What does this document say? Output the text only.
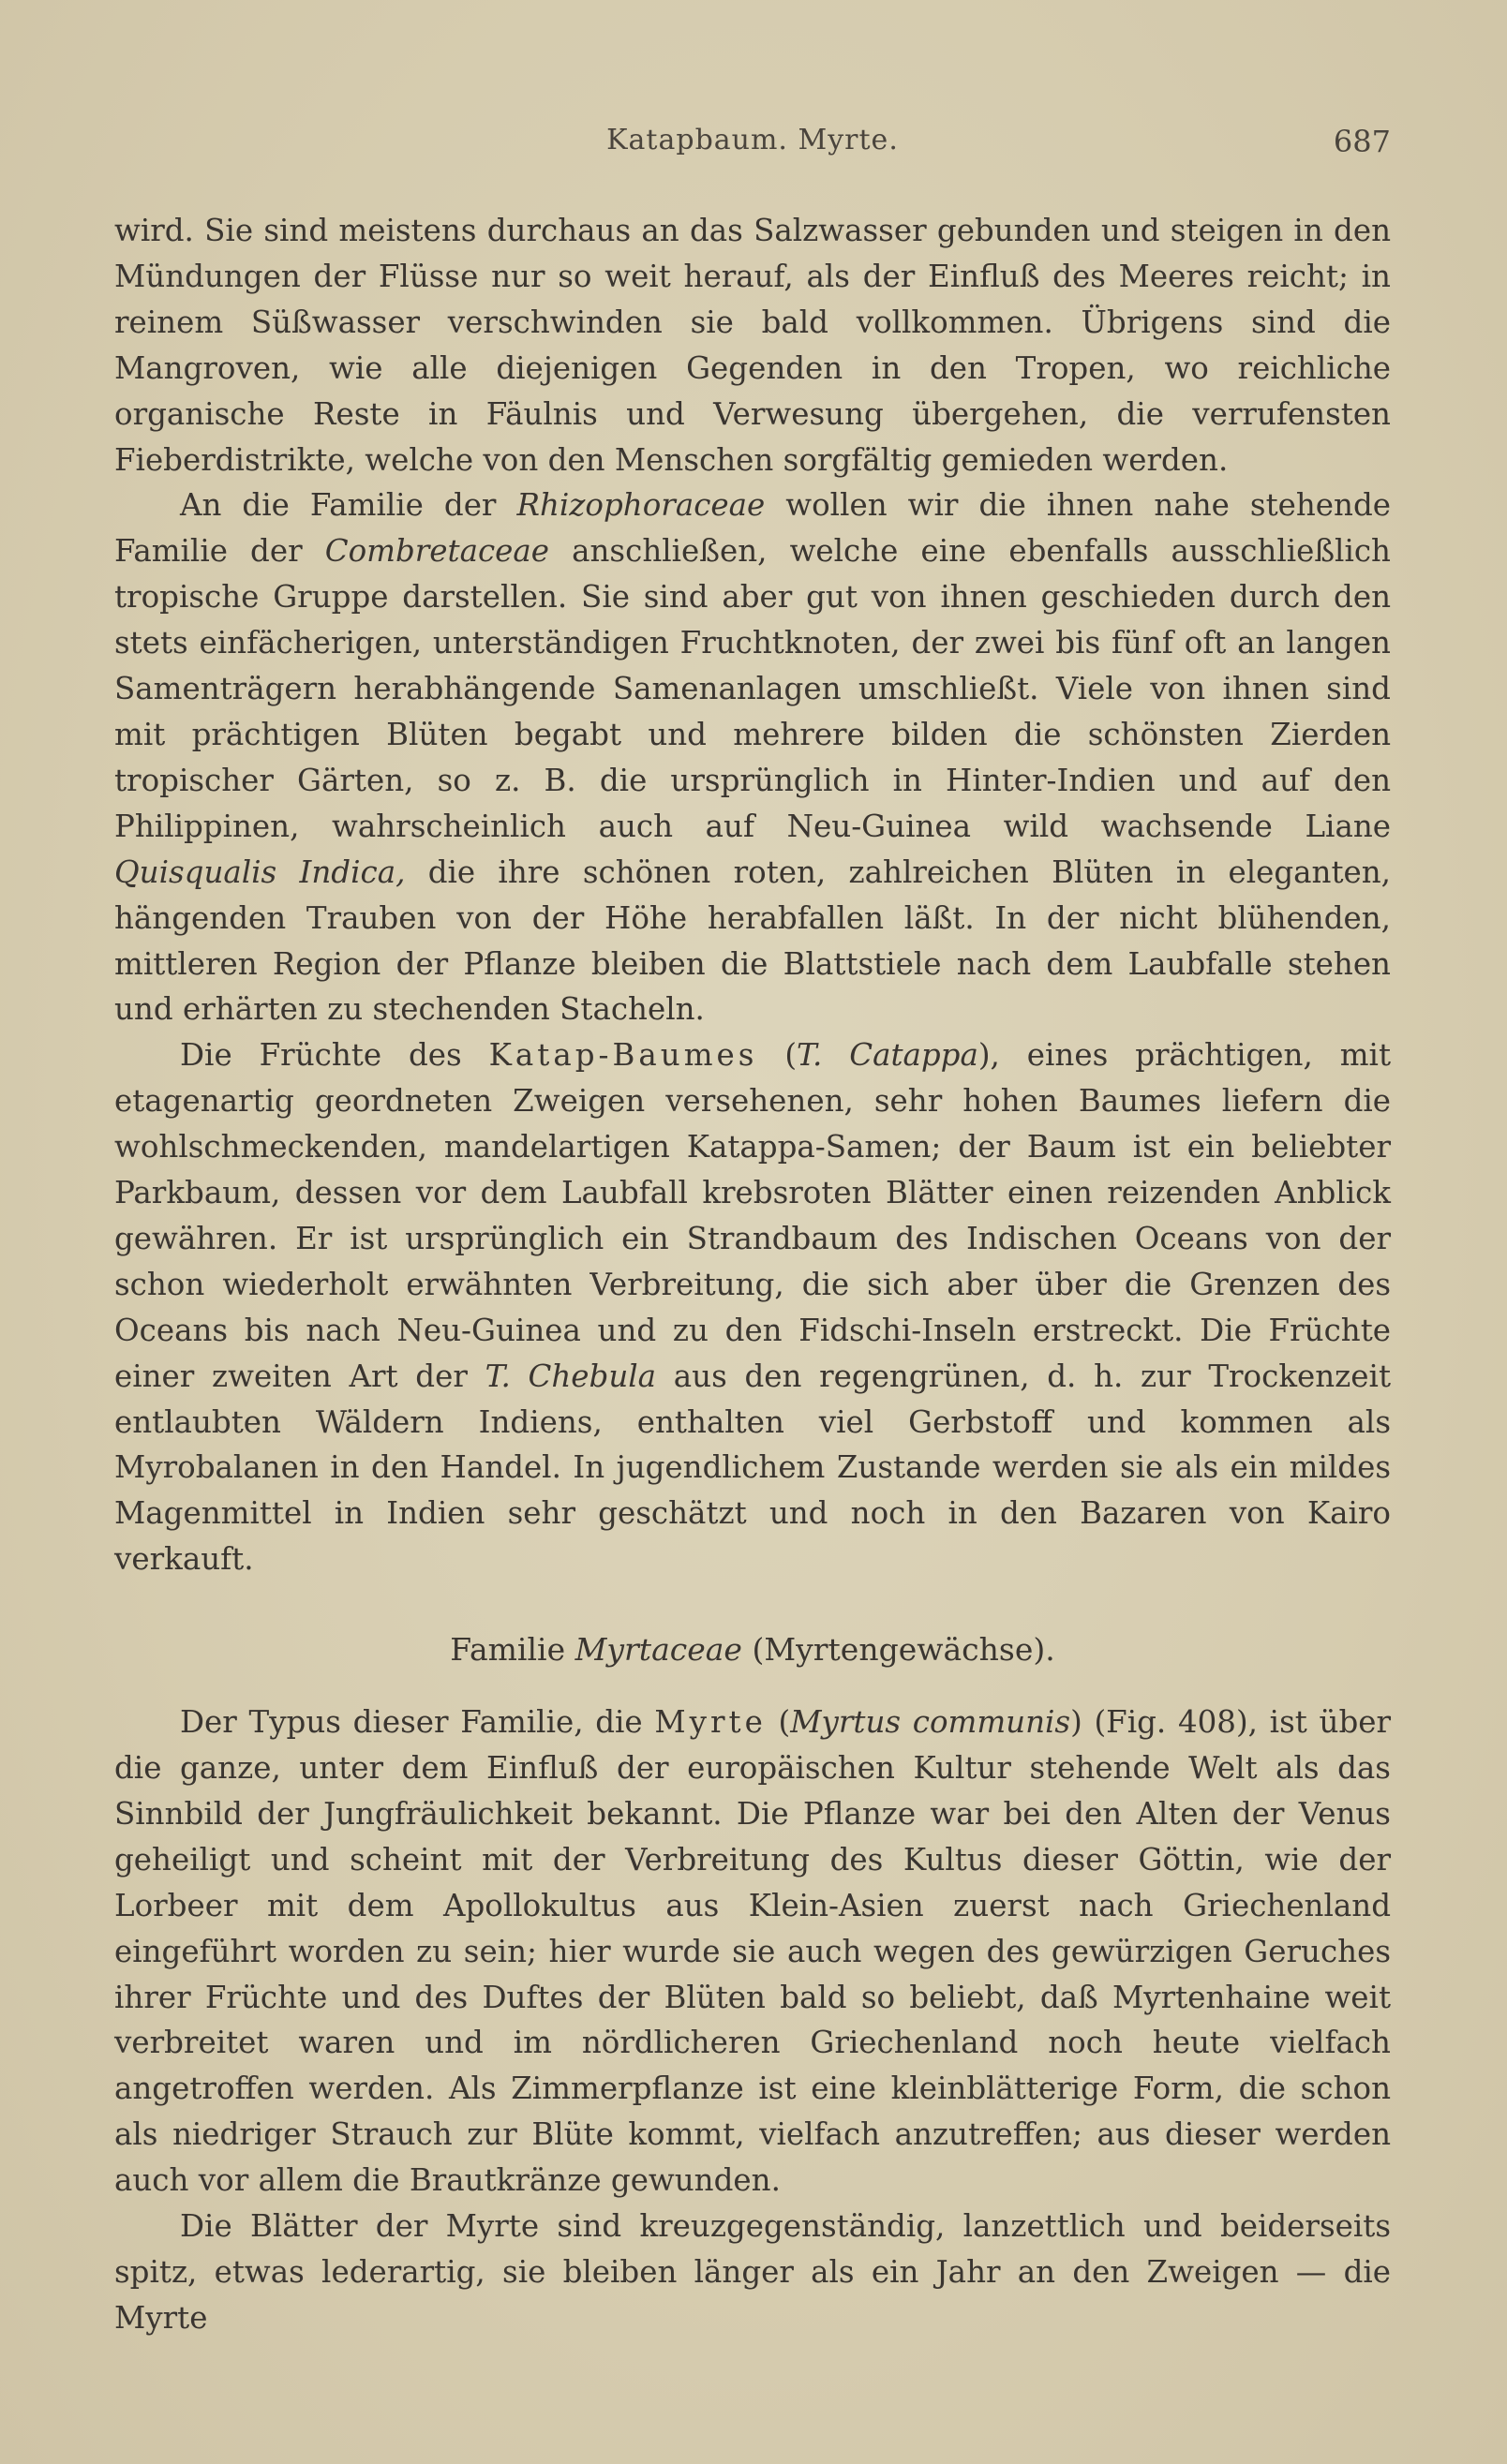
Katapbaum. Myrte.	687

wird. Sie sind meistens durchaus an das Salzwasser gebunden und steigen in den Mündungen der Flüsse nur so weit herauf, als der Einfluß des Meeres reicht; in reinem Süßwasser verschwinden sie bald vollkommen. Übrigens sind die Mangroven, wie alle diejenigen Gegenden in den Tropen, wo reichliche organische Reste in Fäulnis und Verwesung übergehen, die verrufensten Fieberdistrikte, welche von den Menschen sorgfältig gemieden werden.

An die Familie der Rhizophoraceae wollen wir die ihnen nahe stehende Familie der Combretaceae anschließen, welche eine ebenfalls ausschließlich tropische Gruppe darstellen. Sie sind aber gut von ihnen geschieden durch den stets einfächerigen, unterständigen Fruchtknoten, der zwei bis fünf oft an langen Samenträgern herabhängende Samenanlagen umschließt. Viele von ihnen sind mit prächtigen Blüten begabt und mehrere bilden die schönsten Zierden tropischer Gärten, so z. B. die ursprünglich in Hinter-Indien und auf den Philippinen, wahrscheinlich auch auf Neu-Guinea wild wachsende Liane Quisqualis Indica, die ihre schönen roten, zahlreichen Blüten in eleganten, hängenden Trauben von der Höhe herabfallen läßt. In der nicht blühenden, mittleren Region der Pflanze bleiben die Blattstiele nach dem Laubfalle stehen und erhärten zu stechenden Stacheln.

Die Früchte des Katap-Baumes (T. Catappa), eines prächtigen, mit etagenartig geordneten Zweigen versehenen, sehr hohen Baumes liefern die wohlschmeckenden, mandelartigen Katappa-Samen; der Baum ist ein beliebter Parkbaum, dessen vor dem Laubfall krebsroten Blätter einen reizenden Anblick gewähren. Er ist ursprünglich ein Strandbaum des Indischen Oceans von der schon wiederholt erwähnten Verbreitung, die sich aber über die Grenzen des Oceans bis nach Neu-Guinea und zu den Fidschi-Inseln erstreckt. Die Früchte einer zweiten Art der T. Chebula aus den regengrünen, d. h. zur Trockenzeit entlaubten Wäldern Indiens, enthalten viel Gerbstoff und kommen als Myrobalanen in den Handel. In jugendlichem Zustande werden sie als ein mildes Magenmittel in Indien sehr geschätzt und noch in den Bazaren von Kairo verkauft.

Familie Myrtaceae (Myrtengewächse).

Der Typus dieser Familie, die Myrte (Myrtus communis) (Fig. 408), ist über die ganze, unter dem Einfluß der europäischen Kultur stehende Welt als das Sinnbild der Jungfräulichkeit bekannt. Die Pflanze war bei den Alten der Venus geheiligt und scheint mit der Verbreitung des Kultus dieser Göttin, wie der Lorbeer mit dem Apollokultus aus Klein-Asien zuerst nach Griechenland eingeführt worden zu sein; hier wurde sie auch wegen des gewürzigen Geruches ihrer Früchte und des Duftes der Blüten bald so beliebt, daß Myrtenhaine weit verbreitet waren und im nördlicheren Griechenland noch heute vielfach angetroffen werden. Als Zimmerpflanze ist eine kleinblätterige Form, die schon als niedriger Strauch zur Blüte kommt, vielfach anzutreffen; aus dieser werden auch vor allem die Brautkränze gewunden.

Die Blätter der Myrte sind kreuzgegenständig, lanzettlich und beiderseits spitz, etwas lederartig, sie bleiben länger als ein Jahr an den Zweigen — die Myrte
